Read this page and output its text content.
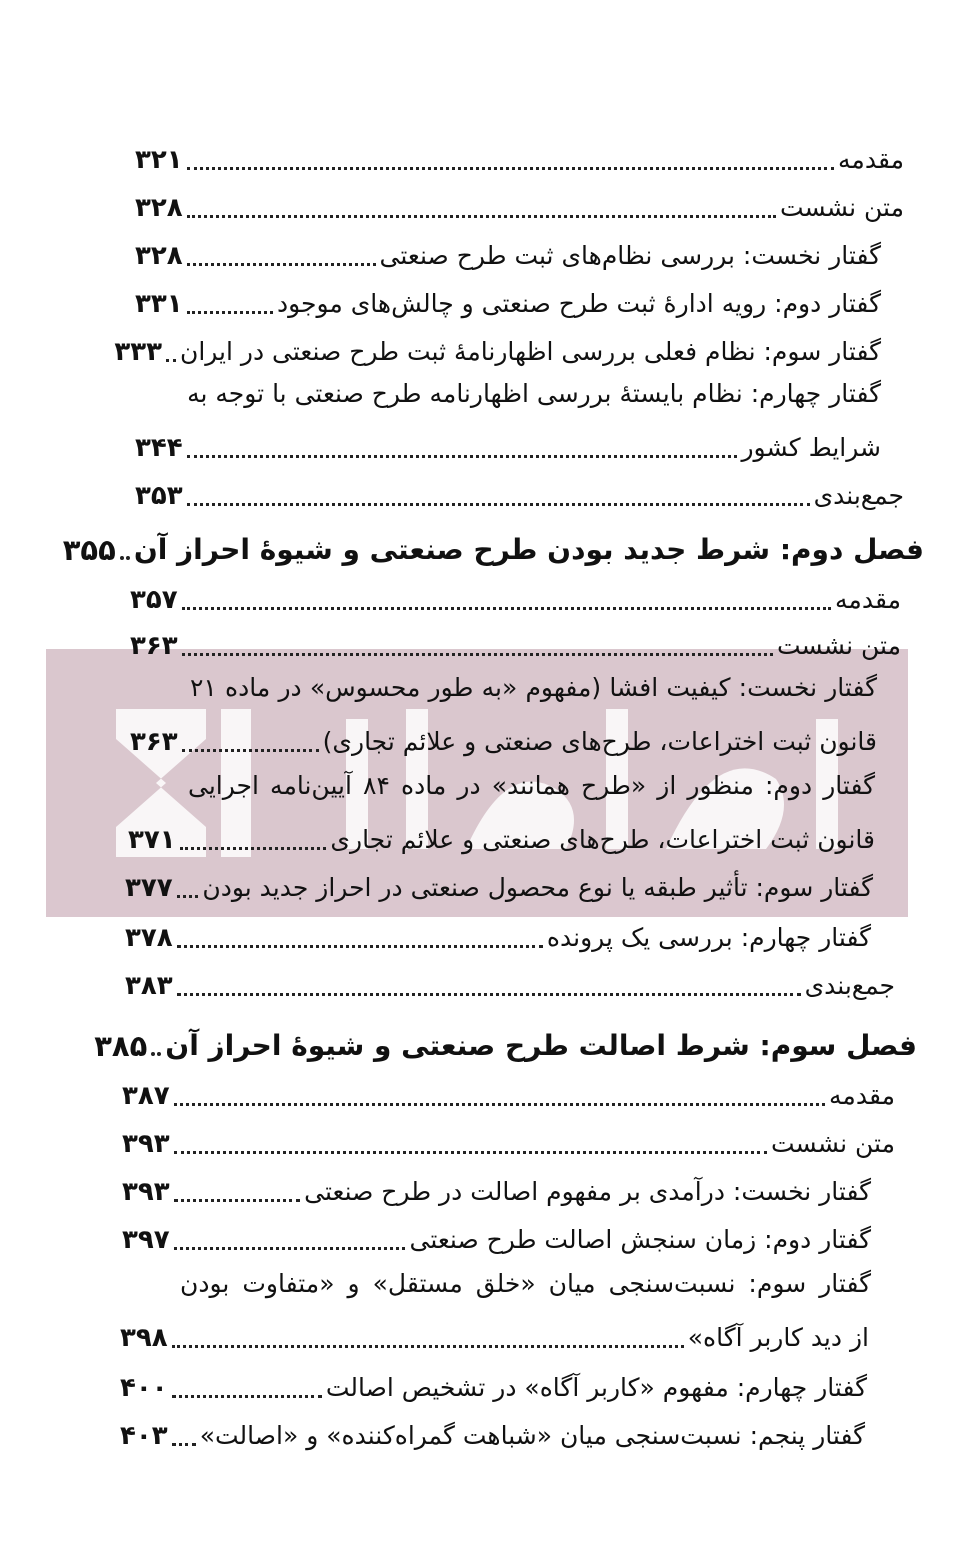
مقدمه
۳۲۱
متن نشست
۳۲۸
گفتار نخست: بررسی نظام‌های ثبت طرح صنعتی
۳۲۸
گفتار دوم: رویه ادارهٔ ثبت طرح صنعتی و چالش‌های موجود
۳۳۱
گفتار سوم: نظام فعلی بررسی اظهارنامهٔ ثبت طرح صنعتی در ایران
۳۳۳
گفتار چهارم: نظام بایستهٔ بررسی اظهارنامه طرح صنعتی با توجه به
شرایط کشور
۳۴۴
جمع‌بندی
۳۵۳
فصل دوم: شرط جدید بودن طرح صنعتی و شیوهٔ احراز آن
۳۵۵
مقدمه
۳۵۷
متن نشست
۳۶۳
گفتار نخست: کیفیت افشا (مفهوم «به طور محسوس» در ماده ۲۱
قانون ثبت اختراعات، طرح‌های صنعتی و علائم تجاری)
۳۶۳
گفتار دوم: منظور از «طرح همانند» در ماده ۸۴ آیین‌نامه اجرایی
قانون ثبت اختراعات، طرح‌های صنعتی و علائم تجاری
۳۷۱
گفتار سوم: تأثیر طبقه یا نوع محصول صنعتی در احراز جدید بودن
۳۷۷
گفتار چهارم: بررسی یک پرونده
۳۷۸
جمع‌بندی
۳۸۳
فصل سوم: شرط اصالت طرح صنعتی و شیوهٔ احراز آن
۳۸۵
مقدمه
۳۸۷
متن نشست
۳۹۳
گفتار نخست: درآمدی بر مفهوم اصالت در طرح صنعتی
۳۹۳
گفتار دوم: زمان سنجش اصالت طرح صنعتی
۳۹۷
گفتار سوم: نسبت‌سنجی میان «خلق مستقل» و «متفاوت بودن
از دید کاربر آگاه»
۳۹۸
گفتار چهارم: مفهوم «کاربر آگاه» در تشخیص اصالت
۴۰۰
گفتار پنجم: نسبت‌سنجی میان «شباهت گمراه‌کننده» و «اصالت»
۴۰۳
